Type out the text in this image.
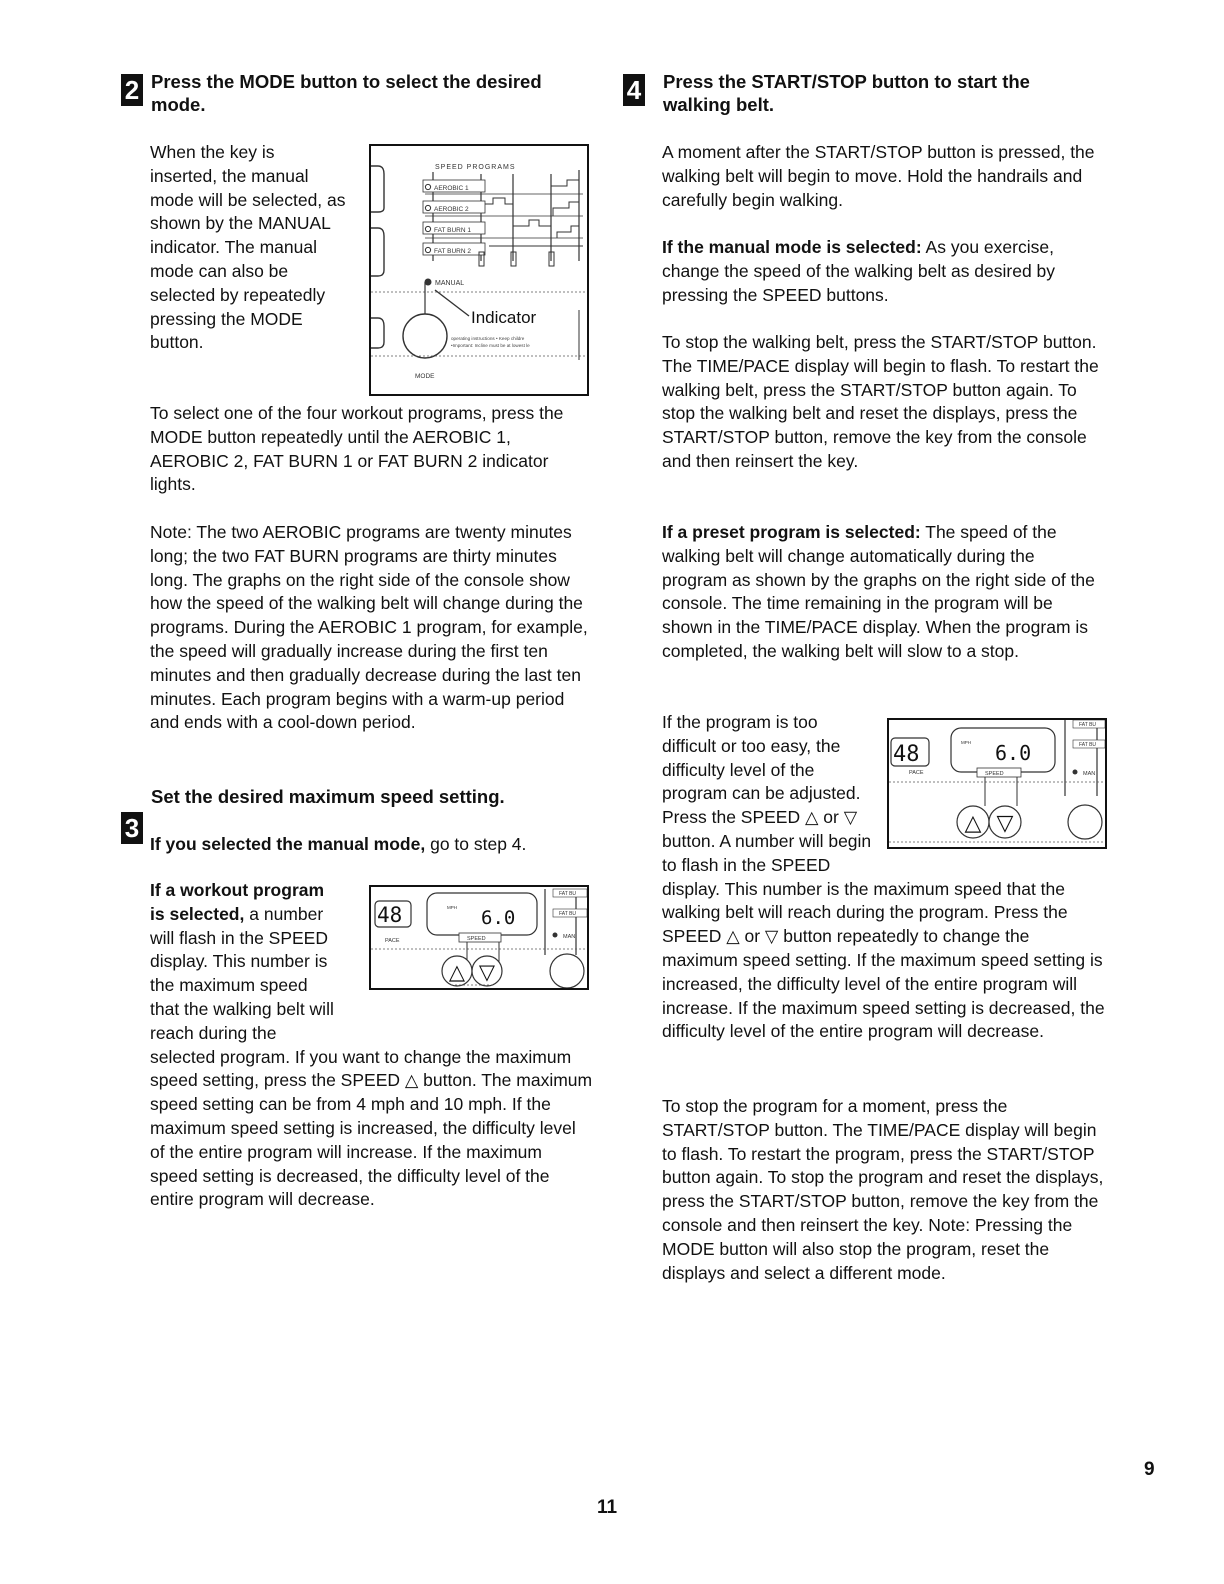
2 Press the MODE button to select the desired mode.
SPEED PROGRAMS
AEROBIC 1
AEROBIC 2
FAT BURN 1
FAT BURN 2
MANUAL
Indicator
operating instructions • Keep childre
•Important: Incline must be at lowest le
MODE

When the key is inserted, the manual mode will be selected, as shown by the MANUAL indicator. The manual mode can also be selected by repeatedly pressing the MODE button.

To select one of the four workout programs, press the MODE button repeatedly until the AEROBIC 1, AEROBIC 2, FAT BURN 1 or FAT BURN 2 indicator lights.

Note: The two AEROBIC programs are twenty minutes long; the two FAT BURN programs are thirty minutes long. The graphs on the right side of the console show how the speed of the walking belt will change during the programs. During the AEROBIC 1 program, for example, the speed will gradually increase during the first ten minutes and then gradually decrease during the last ten minutes. Each program begins with a warm-up period and ends with a cool-down period.

3
Set the desired maximum speed setting.

If you selected the manual mode, go to step 4.

48
PACE
MPH 6.0
SPEED
FAT BU
FAT BU
MAN
△ ▽

If a workout program is selected, a number will flash in the SPEED display. This number is the maximum speed that the walking belt will reach during the selected program. If you want to change the maximum speed setting, press the SPEED △ button. The maximum speed setting can be from 4 mph and 10 mph. If the maximum speed setting is increased, the difficulty level of the entire program will increase. If the maximum speed setting is decreased, the difficulty level of the entire program will decrease.

4 Press the START/STOP button to start the walking belt.

A moment after the START/STOP button is pressed, the walking belt will begin to move. Hold the handrails and carefully begin walking.

If the manual mode is selected: As you exercise, change the speed of the walking belt as desired by pressing the SPEED buttons.

To stop the walking belt, press the START/STOP button. The TIME/PACE display will begin to flash. To restart the walking belt, press the START/STOP button again. To stop the walking belt and reset the displays, press the START/STOP button, remove the key from the console and then reinsert the key.

If a preset program is selected: The speed of the walking belt will change automatically during the program as shown by the graphs on the right side of the console. The time remaining in the program will be shown in the TIME/PACE display. When the program is completed, the walking belt will slow to a stop.

48
PACE
MPH 6.0
SPEED
FAT BU
FAT BU
MAN
△ ▽

If the program is too difficult or too easy, the difficulty level of the program can be adjusted. Press the SPEED △ or ▽ button. A number will begin to flash in the SPEED display. This number is the maximum speed that the walking belt will reach during the program. Press the SPEED △ or ▽ button repeatedly to change the maximum speed setting. If the maximum speed setting is increased, the difficulty level of the entire program will increase. If the maximum speed setting is decreased, the difficulty level of the entire program will decrease.

To stop the program for a moment, press the START/STOP button. The TIME/PACE display will begin to flash. To restart the program, press the START/STOP button again. To stop the program and reset the displays, press the START/STOP button, remove the key from the console and then reinsert the key. Note: Pressing the MODE button will also stop the program, reset the displays and select a different mode.

9
11
